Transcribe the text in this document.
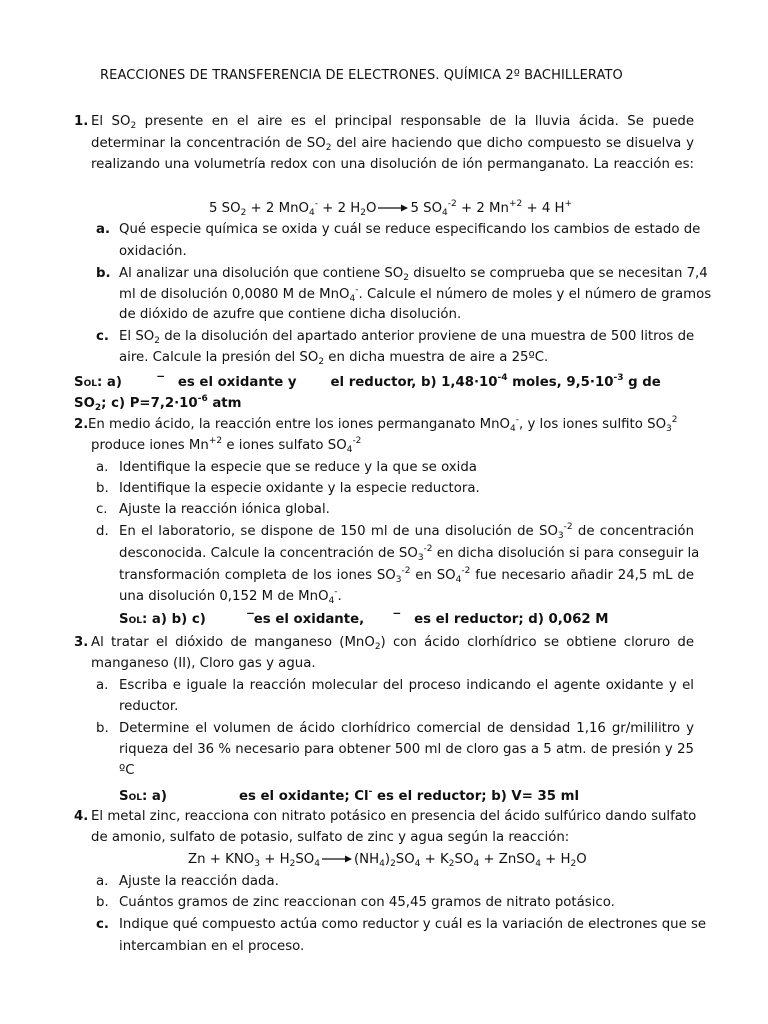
REACCIONES DE TRANSFERENCIA DE ELECTRONES. QUÍMICA 2º BACHILLERATO
1. El $SO_2$ presente en el aire es el principal responsable de la lluvia ácida. Se puede
determinar la concentración de $SO_2$ del aire haciendo que dicho compuesto se disuelva y
realizando una volumetría redox con una disolución de ión permanganato. La reacción es:
5 $SO_2 + 2$ MnO$_4$- + 2 $H_2O \to 5$ $SO_4^{-2} + 2$ $Mn^{+2} + 4$ H+
a. Qué especie química se oxida y cuál se reduce especificando los cambios de estado de
oxidación.
b. Al analizar una disolución que contiene $SO_2$ disuelto se comprueba que se necesitan 7,4
ml de disolución 0,0080 M de MnO$_4$-. Calcule el número de moles y el número de gramos
de dióxido de azufre que contiene dicha disolución.
c. El $SO_2$ de la disolución del apartado anterior proviene de una muestra de 500 litros de
aire. Calcule la presión del $SO_2$ en dicha muestra de aire a 25ºC.
Sol: a)	‾ es el oxidante y	el reductor, b) $1,48\cdot 10^{-4}$ moles, $9,5\cdot 10^{-3}$ g de
$SO_2$; c) $P=7,2\cdot 10^{-6}$ atm
2. En medio ácido, la reacción entre los iones permanganato MnO$_4$-, y los iones sulfito $SO_3^2$
produce iones $Mn^{+2}$ e iones sulfato $SO_4^{-2}$
a. Identifique la especie que se reduce y la que se oxida
b. Identifique la especie oxidante y la especie reductora.
c. Ajuste la reacción iónica global.
d. En el laboratorio, se dispone de 150 ml de una disolución de $SO_3^{-2}$ de concentración
desconocida. Calcule la concentración de $SO_3^{-2}$ en dicha disolución si para conseguir la
transformación completa de los iones $SO_3^{-2}$ en $SO_4^{-2}$ fue necesario añadir 24,5 mL de
una disolución 0,152 M de MnO$_4$-.
Sol: a) b) c)	‾es el oxidante, ‾ es el reductor; d) 0,062 M
3. Al tratar el dióxido de manganeso (MnO$_2$) con ácido clorhídrico se obtiene cloruro de
manganeso (II), Cloro gas y agua.
a. Escriba e iguale la reacción molecular del proceso indicando el agente oxidante y el
reductor.
b. Determine el volumen de ácido clorhídrico comercial de densidad 1,16 gr/mililitro y
riqueza del 36 % necesario para obtener 500 ml de cloro gas a 5 atm. de presión y 25
ºC
Sol: a)	es el oxidante; Cl- es el reductor; b) V= 35 ml
4. El metal zinc, reacciona con nitrato potásico en presencia del ácido sulfúrico dando sulfato
de amonio, sulfato de potasio, sulfato de zinc y agua según la reacción:
$Zn + KNO_3 + H_2SO_4 \to (NH_4)_2SO_4 + K_2SO_4$ + ZnSO$_4$ + $H_2O$
a. Ajuste la reacción dada.
b. Cuántos gramos de zinc reaccionan con 45,45 gramos de nitrato potásico.
c. Indique qué compuesto actúa como reductor y cuál es la variación de electrones que se
intercambian en el proceso.
